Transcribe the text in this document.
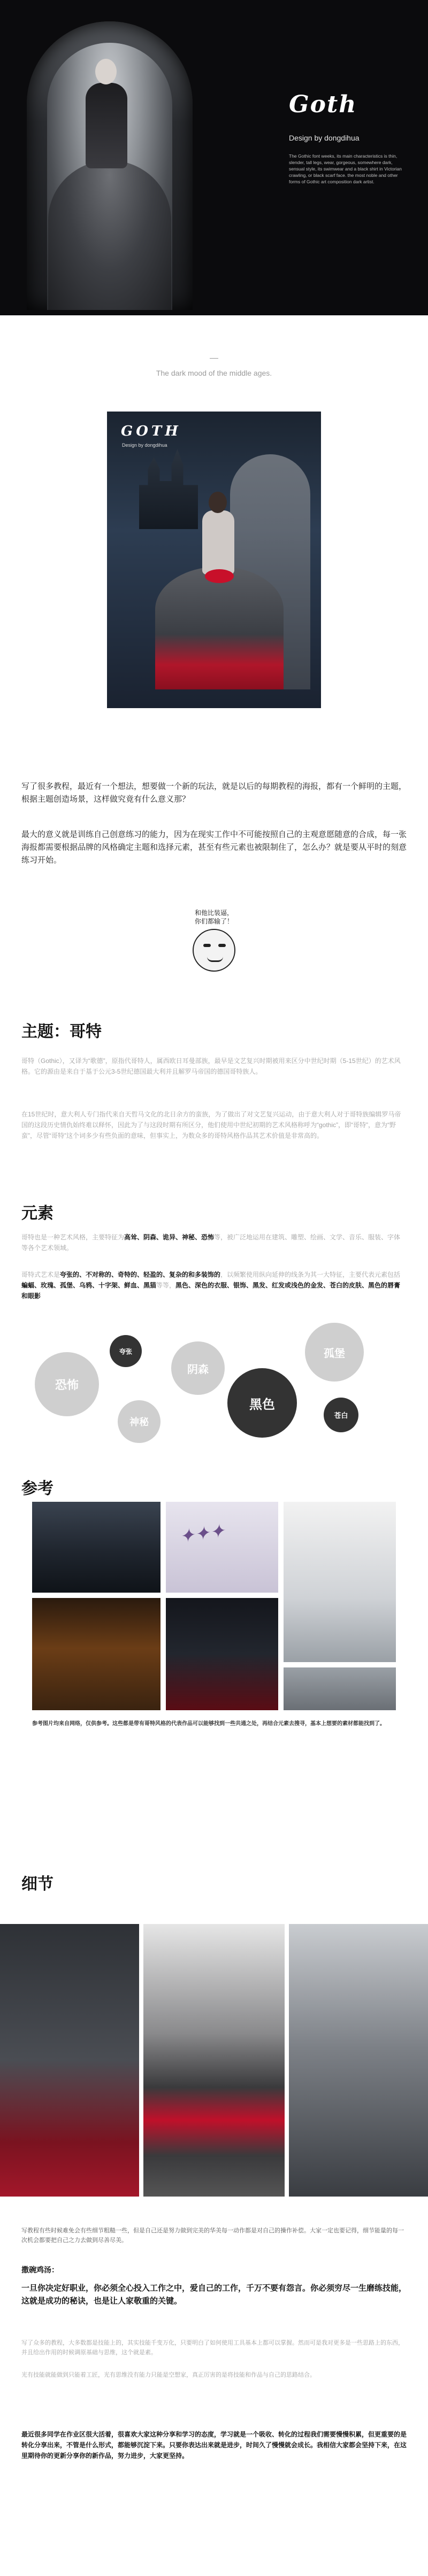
Goth
Design by dongdihua
The Gothic font weeks, its main characteristics is thin, slender, tall legs, wear, gorgeous, somewhere dark, sensual style, its swimwear and a black shirt in Victorian crawling, or black scarf face. the most noble and other forms of Gothic art composition dark artist.
The dark mood of the middle ages.
GOTH
Design by dongdihua

写了很多教程，最近有一个想法，想要做一个新的玩法，就是以后的每期教程的海报，都有一个鲜明的主题，根据主题创造场景，这样做究竟有什么意义那？

最大的意义就是训练自己创意练习的能力，因为在现实工作中不可能按照自己的主观意愿随意的合成，每一张海报都需要根据品牌的风格确定主题和选择元素，甚至有些元素也被限制住了，怎么办？就是要从平时的刻意练习开始。

和他比装逼，
你们都输了！
主题：哥特

哥特（Gothic），又译为“歌德”，原指代哥特人，属西欧日耳曼部族，最早是文艺复兴时期被用来区分中世纪时期（5-15世纪）的艺术风格。它的源由是来自于基于公元3-5世纪德国最大利并且解罗马帝国的德国哥特族人。

在15世纪时，意大利人专门指代来自天哲马文化的北日余方的蛮族，为了做出了对文艺复兴运动，由于意大利人对于哥特族编辑罗马帝国的这段历史情仇始终难以释怀，因此为了与这段时期有所区分，他们使用中世纪初期的艺术风格称呼为“gothic”，即“哥特”，意为“野蛮”，尽管“哥特”这个词多少有些负面的意味，但事实上，为数众多的哥特风格作品其艺术价值是非常高的。

元素

哥特也是一种艺术风格，主要特征为高耸、阴森、诡异、神秘、恐怖等，被广泛地运用在建筑、雕塑、绘画、文学、音乐、服装、字体等各个艺术领域。

哥特式艺术是夸张的、不对称的、奇特的、轻盈的、复杂的和多装饰的，以频繁使用纵向延伸的线条为其一大特征，主要代表元素包括蝙蝠、玫瑰、孤堡、乌鸦、十字架、鲜血、黑猫等等，黑色、深色的衣服、银饰、黑发、红发或浅色的金发、苍白的皮肤、黑色的唇膏和眼影

恐怖
夸张
神秘
阴森
黑色
孤堡
苍白
参考
✦✦✦

参考图片均来自网络，仅供参考。这些都是带有哥特风格的代表作品可以能够找到一些共通之处，再结合元素去搜寻，基本上想要的素材都能找到了。

细节

写教程有些时候难免会有些细节粗糙一些，但是自己还是努力做到完美的华美每一动作都是对自己的操作补偿。大家一定也要记得，细节能量的每一次机会都要把自己之力去做到尽善尽美。

撒碗鸡汤：

一旦你决定好职业，你必须全心投入工作之中，爱自己的工作，千万不要有怨言。你必须穷尽一生磨练技能，这就是成功的秘诀，也是让人家敬重的关键。

写了众多的教程，大多数都是技能上的，其实技能千变万化，只要明白了如何使用工具基本上都可以掌握。然而可是我对更多是一些思路上的东西，并且给出作用的时候调原基础与思维，这个就是素。

光有技能就能做到只能着工匠，光有思维没有能力只能是空想家，真正厉害的是将技能和作品与自己的思路结合。

最近很多同学在作业区很大活着，很喜欢大家这种分享和学习的态度，学习就是一个吸收、转化的过程我们需要慢慢积累，但更重要的是转化分享出来，不管是什么形式，都能够沉淀下来。只要你表达出来就是进步，时间久了慢慢就会成长。我相信大家都会坚持下来，在这里期待你的更新分享你的新作品，努力进步，大家更坚持。
